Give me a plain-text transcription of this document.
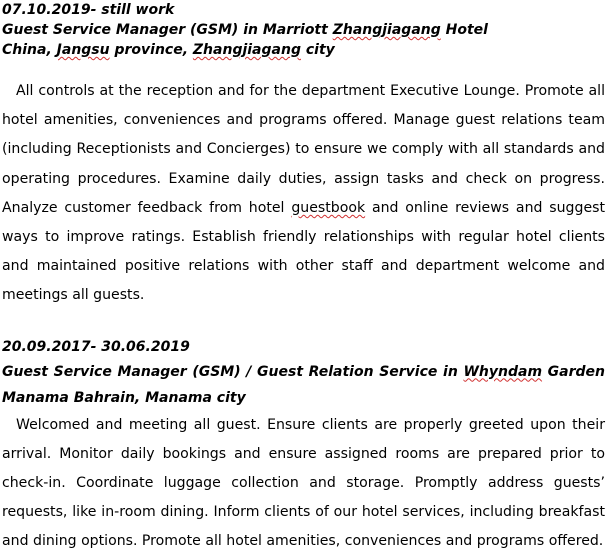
07.10.2019- still work
Guest Service Manager (GSM) in Marriott Zhangjiagang Hotel
China, Jangsu province, Zhangjiagang city

All controls at the reception and for the department Executive Lounge. Promote all hotel amenities, conveniences and programs offered. Manage guest relations team (including Receptionists and Concierges) to ensure we comply with all standards and operating procedures. Examine daily duties, assign tasks and check on progress. Analyze customer feedback from hotel guestbook and online reviews and suggest ways to improve ratings. Establish friendly relationships with regular hotel clients and maintained positive relations with other staff and department welcome and meetings all guests.

20.09.2017- 30.06.2019
Guest Service Manager (GSM) / Guest Relation Service in Whyndam Garden Manama Bahrain, Manama city

Welcomed and meeting all guest. Ensure clients are properly greeted upon their arrival. Monitor daily bookings and ensure assigned rooms are prepared prior to check-in. Coordinate luggage collection and storage. Promptly address guests’ requests, like in-room dining. Inform clients of our hotel services, including breakfast and dining options. Promote all hotel amenities, conveniences and programs offered.
